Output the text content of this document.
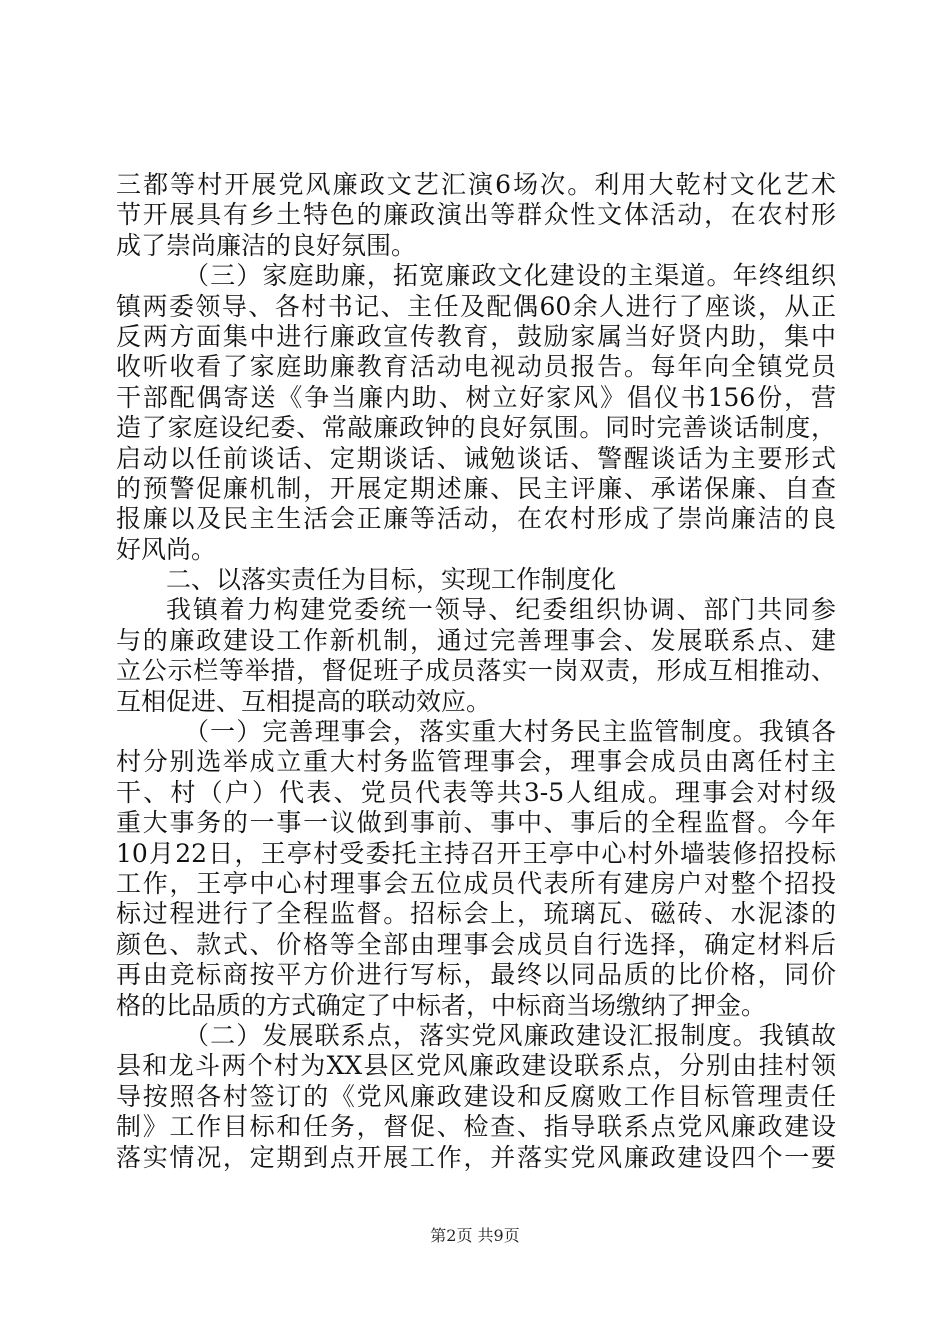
三都等村开展党风廉政文艺汇演6场次。利用大乾村文化艺术
节开展具有乡土特色的廉政演出等群众性文体活动，在农村形
成了崇尚廉洁的良好氛围。
（三）家庭助廉，拓宽廉政文化建设的主渠道。年终组织
镇两委领导、各村书记、主任及配偶60余人进行了座谈，从正
反两方面集中进行廉政宣传教育，鼓励家属当好贤内助，集中
收听收看了家庭助廉教育活动电视动员报告。每年向全镇党员
干部配偶寄送《争当廉内助、树立好家风》倡仪书156份，营
造了家庭设纪委、常敲廉政钟的良好氛围。同时完善谈话制度，
启动以任前谈话、定期谈话、诫勉谈话、警醒谈话为主要形式
的预警促廉机制，开展定期述廉、民主评廉、承诺保廉、自查
报廉以及民主生活会正廉等活动，在农村形成了崇尚廉洁的良
好风尚。
二、以落实责任为目标，实现工作制度化
我镇着力构建党委统一领导、纪委组织协调、部门共同参
与的廉政建设工作新机制，通过完善理事会、发展联系点、建
立公示栏等举措，督促班子成员落实一岗双责，形成互相推动、
互相促进、互相提高的联动效应。
（一）完善理事会，落实重大村务民主监管制度。我镇各
村分别选举成立重大村务监管理事会，理事会成员由离任村主
干、村（户）代表、党员代表等共3-5人组成。理事会对村级
重大事务的一事一议做到事前、事中、事后的全程监督。今年
10月22日，王亭村受委托主持召开王亭中心村外墙装修招投标
工作，王亭中心村理事会五位成员代表所有建房户对整个招投
标过程进行了全程监督。招标会上，琉璃瓦、磁砖、水泥漆的
颜色、款式、价格等全部由理事会成员自行选择，确定材料后
再由竞标商按平方价进行写标，最终以同品质的比价格，同价
格的比品质的方式确定了中标者，中标商当场缴纳了押金。
（二）发展联系点，落实党风廉政建设汇报制度。我镇故
县和龙斗两个村为XX县区党风廉政建设联系点，分别由挂村领
导按照各村签订的《党风廉政建设和反腐败工作目标管理责任
制》工作目标和任务，督促、检查、指导联系点党风廉政建设
落实情况，定期到点开展工作，并落实党风廉政建设四个一要
第2页 共9页
